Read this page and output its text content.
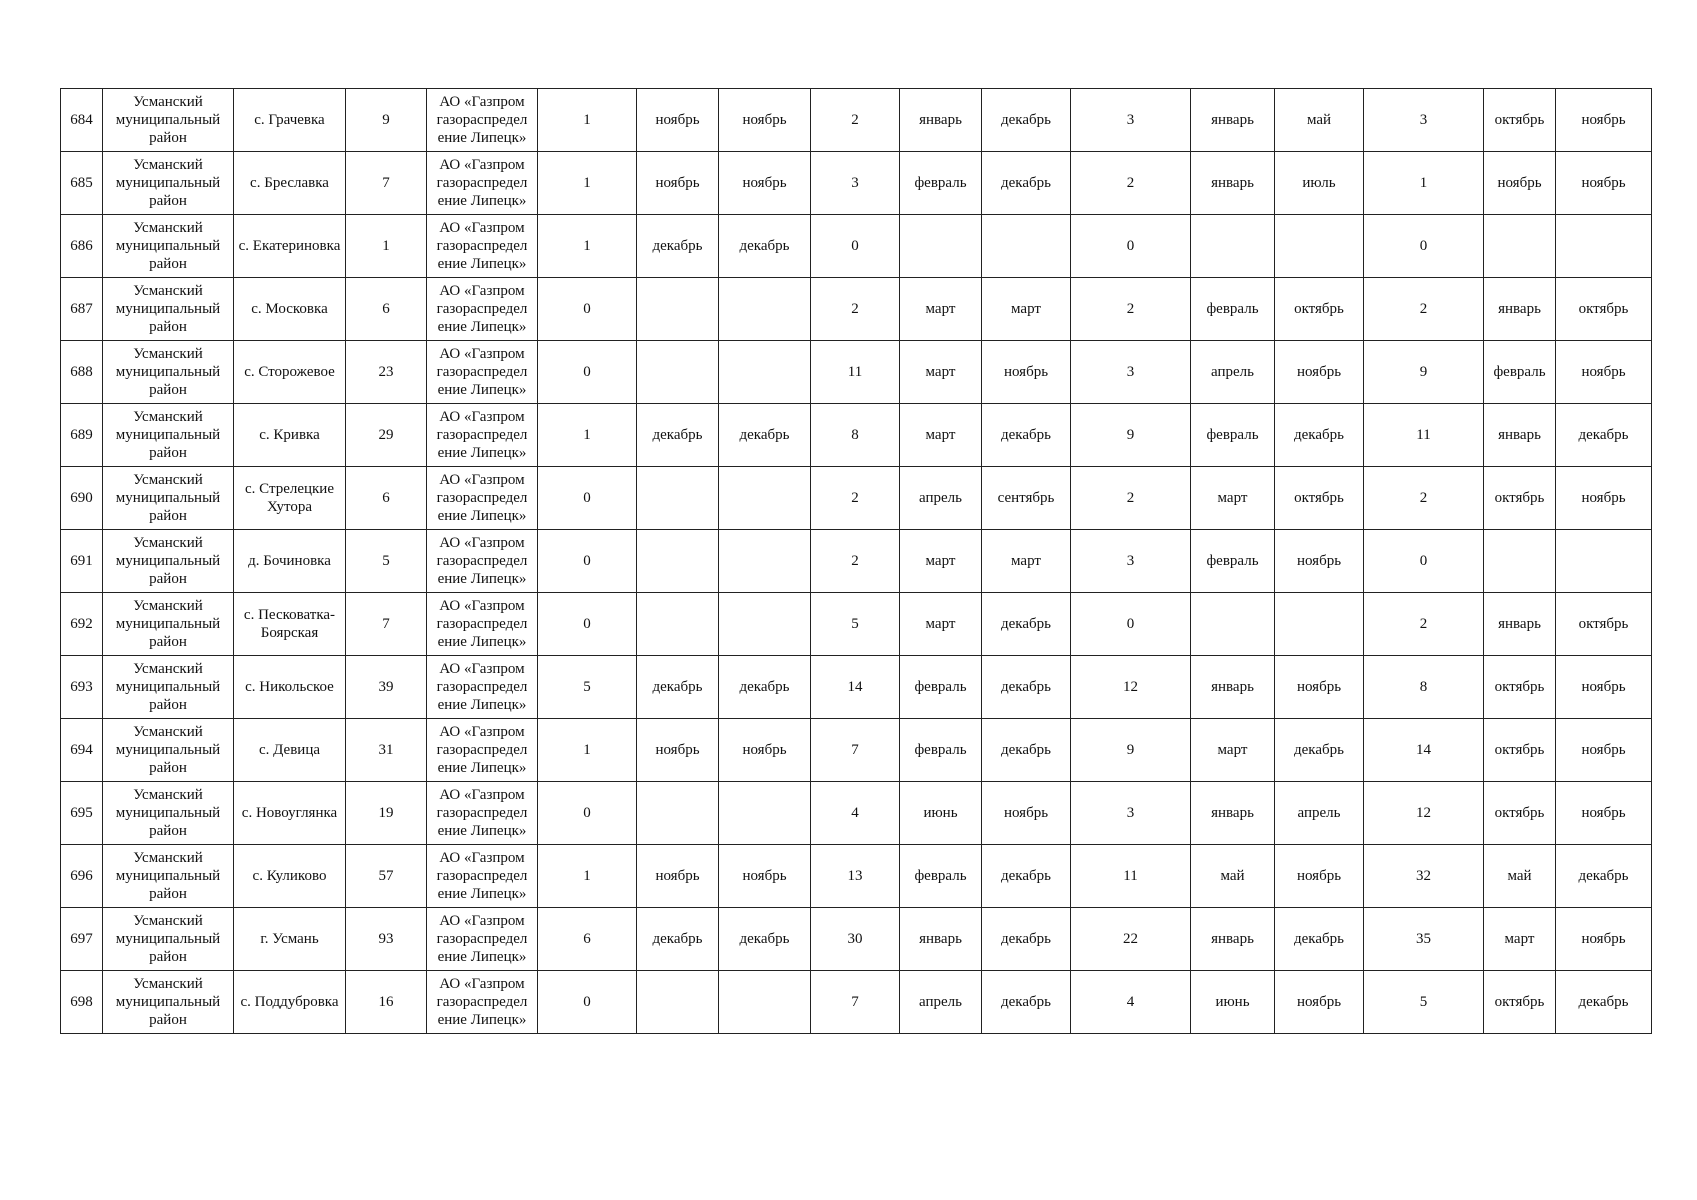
684	Усманский муниципальный район	с. Грачевка	9	АО «Газпром газораспредел ение Липецк»	1	ноябрь	ноябрь	2	январь	декабрь	3	январь	май	3	октябрь	ноябрь
685	Усманский муниципальный район	с. Бреславка	7	АО «Газпром газораспредел ение Липецк»	1	ноябрь	ноябрь	3	февраль	декабрь	2	январь	июль	1	ноябрь	ноябрь
686	Усманский муниципальный район	с. Екатериновка	1	АО «Газпром газораспредел ение Липецк»	1	декабрь	декабрь	0			0			0		
687	Усманский муниципальный район	с. Московка	6	АО «Газпром газораспредел ение Липецк»	0			2	март	март	2	февраль	октябрь	2	январь	октябрь
688	Усманский муниципальный район	с. Сторожевое	23	АО «Газпром газораспредел ение Липецк»	0			11	март	ноябрь	3	апрель	ноябрь	9	февраль	ноябрь
689	Усманский муниципальный район	с. Кривка	29	АО «Газпром газораспредел ение Липецк»	1	декабрь	декабрь	8	март	декабрь	9	февраль	декабрь	11	январь	декабрь
690	Усманский муниципальный район	с. Стрелецкие Хутора	6	АО «Газпром газораспредел ение Липецк»	0			2	апрель	сентябрь	2	март	октябрь	2	октябрь	ноябрь
691	Усманский муниципальный район	д. Бочиновка	5	АО «Газпром газораспредел ение Липецк»	0			2	март	март	3	февраль	ноябрь	0		
692	Усманский муниципальный район	с. Песковатка-Боярская	7	АО «Газпром газораспредел ение Липецк»	0			5	март	декабрь	0			2	январь	октябрь
693	Усманский муниципальный район	с. Никольское	39	АО «Газпром газораспредел ение Липецк»	5	декабрь	декабрь	14	февраль	декабрь	12	январь	ноябрь	8	октябрь	ноябрь
694	Усманский муниципальный район	с. Девица	31	АО «Газпром газораспредел ение Липецк»	1	ноябрь	ноябрь	7	февраль	декабрь	9	март	декабрь	14	октябрь	ноябрь
695	Усманский муниципальный район	с. Новоуглянка	19	АО «Газпром газораспредел ение Липецк»	0			4	июнь	ноябрь	3	январь	апрель	12	октябрь	ноябрь
696	Усманский муниципальный район	с. Куликово	57	АО «Газпром газораспредел ение Липецк»	1	ноябрь	ноябрь	13	февраль	декабрь	11	май	ноябрь	32	май	декабрь
697	Усманский муниципальный район	г. Усмань	93	АО «Газпром газораспредел ение Липецк»	6	декабрь	декабрь	30	январь	декабрь	22	январь	декабрь	35	март	ноябрь
698	Усманский муниципальный район	с. Поддубровка	16	АО «Газпром газораспредел ение Липецк»	0			7	апрель	декабрь	4	июнь	ноябрь	5	октябрь	декабрь
